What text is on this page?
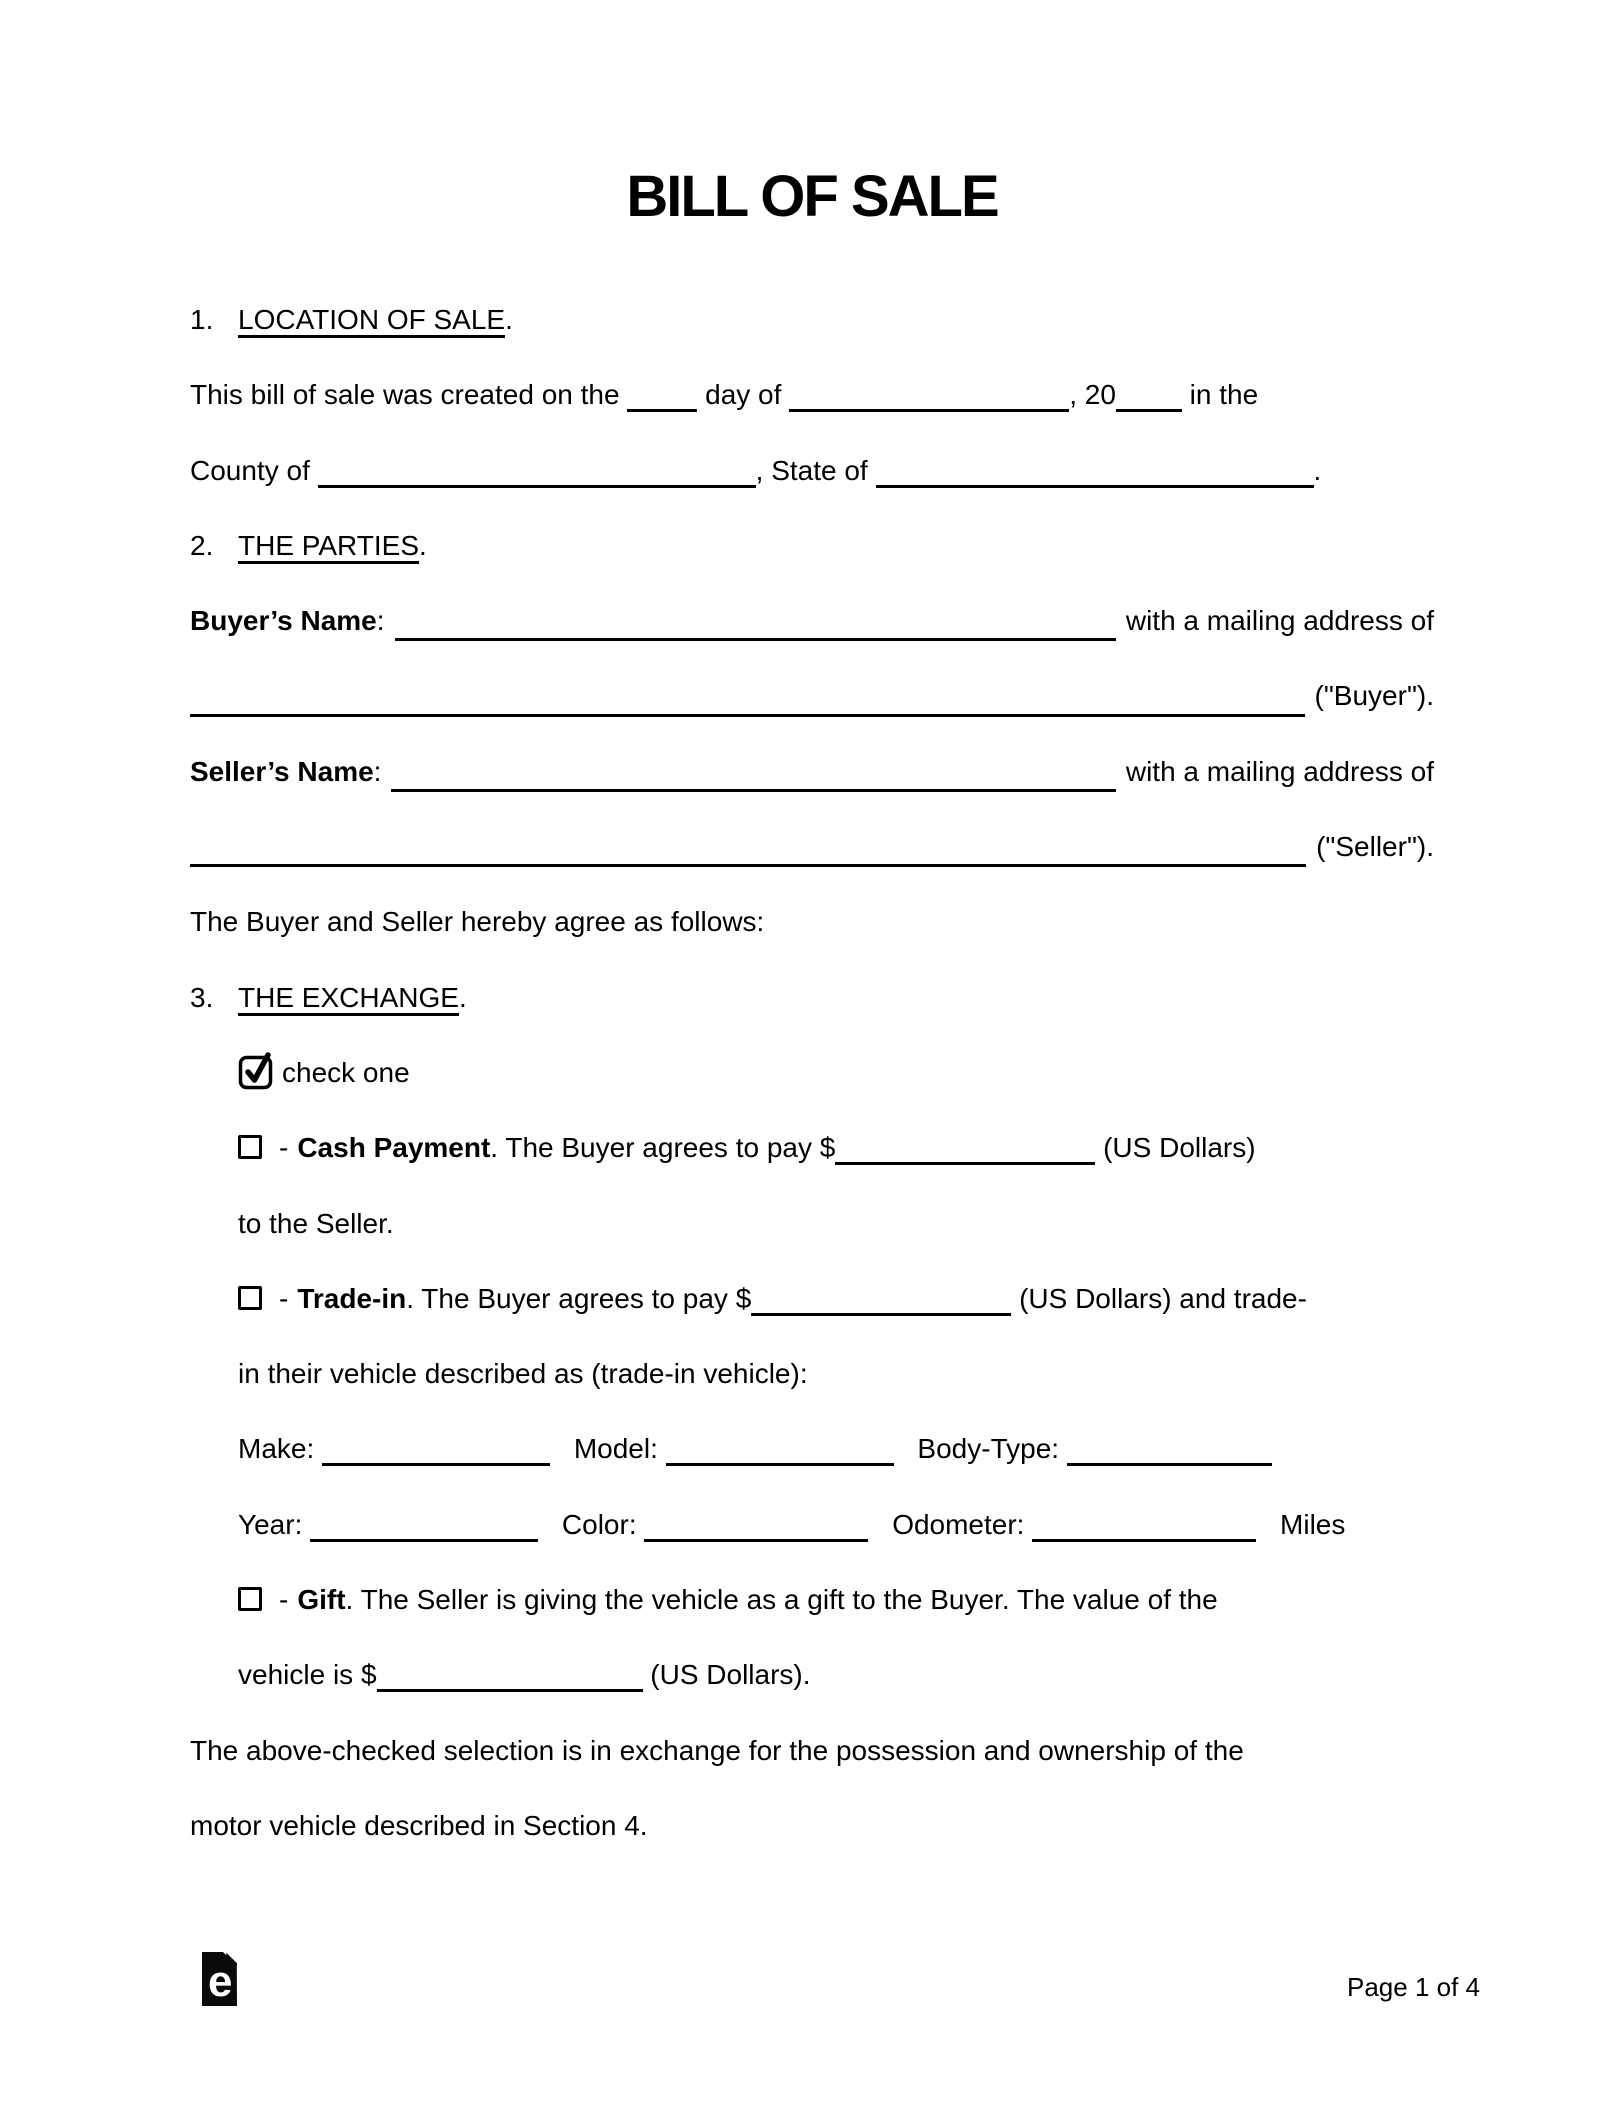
BILL OF SALE
1. LOCATION OF SALE.
This bill of sale was created on the	day of	, 20	in the
County of	, State of	.
2. THE PARTIES.
Buyer’s Name:	with a mailing address of
("Buyer").
Seller’s Name:	with a mailing address of
("Seller").
The Buyer and Seller hereby agree as follows:
3. THE EXCHANGE.
check one
- Cash Payment. The Buyer agrees to pay $	(US Dollars)
to the Seller.
- Trade-in. The Buyer agrees to pay $	(US Dollars) and trade-
in their vehicle described as (trade-in vehicle):
Make:	Model:	Body-Type:
Year:	Color:	Odometer:	Miles
- Gift. The Seller is giving the vehicle as a gift to the Buyer. The value of the
vehicle is $	(US Dollars).
The above-checked selection is in exchange for the possession and ownership of the
motor vehicle described in Section 4.
e	Page 1 of 4
